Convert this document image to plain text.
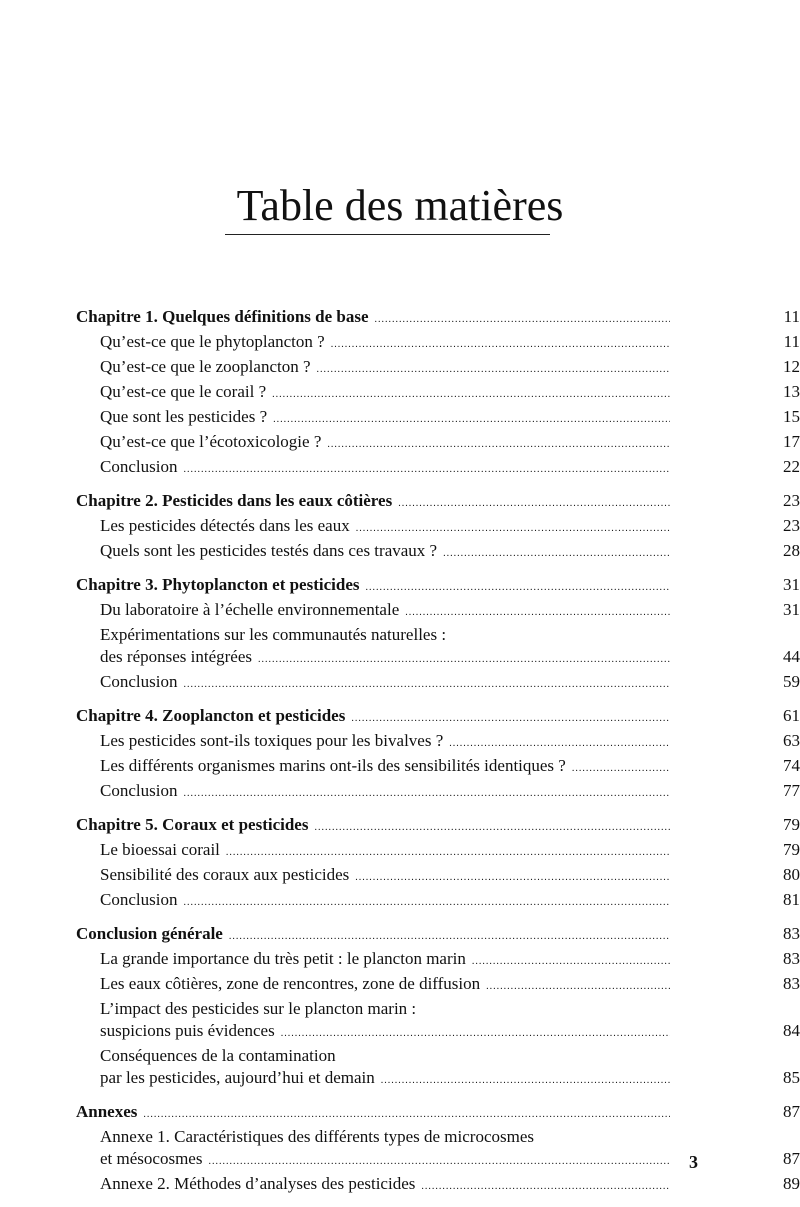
Table des matières
Chapitre 1. Quelques définitions de base .....	11
Qu’est-ce que le phytoplancton ? .....	11
Qu’est-ce que le zooplancton ? .....	12
Qu’est-ce que le corail ? .....	13
Que sont les pesticides ? .....	15
Qu’est-ce que l’écotoxicologie ? .....	17
Conclusion .....	22
Chapitre 2. Pesticides dans les eaux côtières .....	23
Les pesticides détectés dans les eaux .....	23
Quels sont les pesticides testés dans ces travaux ? .....	28
Chapitre 3. Phytoplancton et pesticides .....	31
Du laboratoire à l’échelle environnementale .....	31
Expérimentations sur les communautés naturelles :
des réponses intégrées .....	44
Conclusion .....	59
Chapitre 4. Zooplancton et pesticides .....	61
Les pesticides sont-ils toxiques pour les bivalves ? .....	63
Les différents organismes marins ont-ils des sensibilités identiques ? .....	74
Conclusion .....	77
Chapitre 5. Coraux et pesticides .....	79
Le bioessai corail .....	79
Sensibilité des coraux aux pesticides .....	80
Conclusion .....	81
Conclusion générale .....	83
La grande importance du très petit : le plancton marin .....	83
Les eaux côtières, zone de rencontres, zone de diffusion .....	83
L’impact des pesticides sur le plancton marin :
suspicions puis évidences .....	84
Conséquences de la contamination
par les pesticides, aujourd’hui et demain .....	85
Annexes .....	87
Annexe 1. Caractéristiques des différents types de microcosmes
et mésocosmes .....	87
Annexe 2. Méthodes d’analyses des pesticides .....	89
3
